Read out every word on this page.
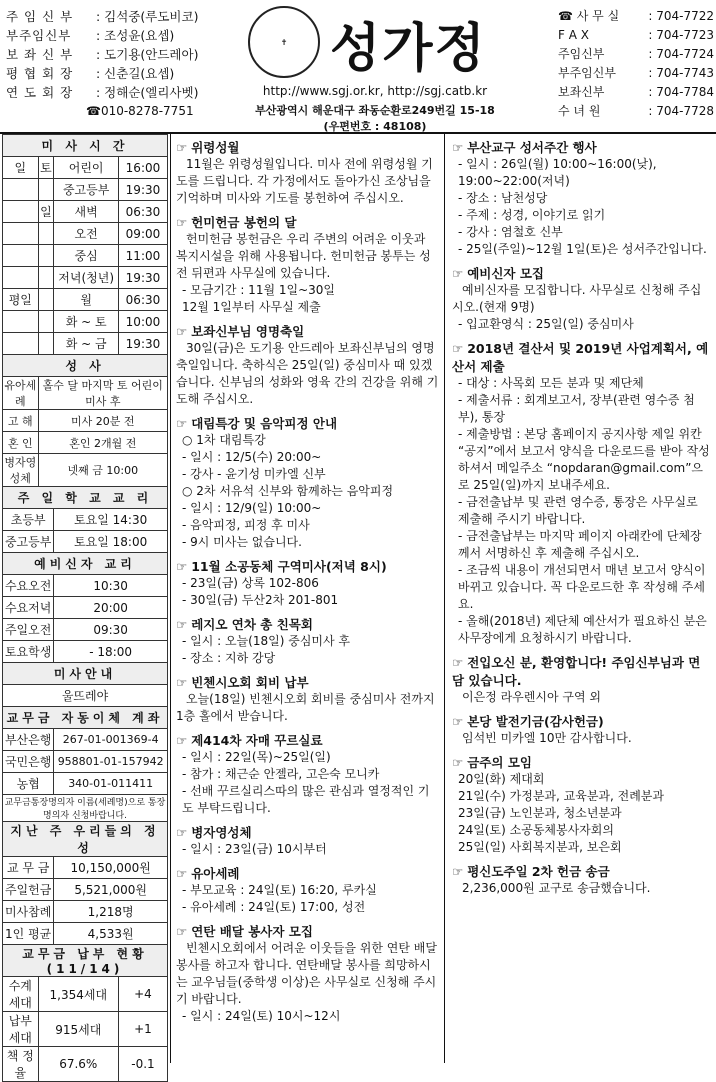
주 임 신 부	: 김석중(루도비코)
부주임신부	: 조성윤(요셉)
보 좌 신 부	: 도기용(안드레아)
평 협 회 장	: 신춘길(요셉)
연 도 회 장	: 정해순(엘리사벳)
☎010-8278-7751
✝ 성가정
http://www.sgj.or.kr, http://sgj.catb.kr
부산광역시 해운대구 좌동순환로249번길 15-18
(우편번호 : 48108)
☎ 사 무 실 : 704-7722
F A X	: 704-7723
주임신부	: 704-7724
부주임신부	: 704-7743
보좌신부	: 704-7784
수 녀 원	: 704-7728
미 사 시 간			
일	토	어린이	16:00
		중고등부	19:30
	일	새벽	06:30
		오전	09:00
		중심	11:00
		저녁(청년)	19:30
평일		월	06:30
		화 ~ 토	10:00
		화 ~ 금	19:30
성 사			
유아세례	홀수 달 마지막 토 어린이 미사 후		
고 해	미사 20분 전		
혼 인	혼인 2개월 전		
병자영성체	넷째 금 10:00		
주 일 학 교 교 리			
초등부		토요일 14:30	
중고등부		토요일 18:00	
예비신자 교리			
수요오전		10:30	
수요저녁		20:00	
주일오전		09:30	
토요학생		- 18:00	
미사안내			
울뜨레야			
교무금 자동이체 계좌			
부산은행		267-01-001369-4	
국민은행		958801-01-157942	
농협		340-01-011411	
교무금통장명의자 이름(세례명)으로 통장명의자 신청바랍니다.			
지난 주 우리들의 정성			
교 무 금		10,150,000원	
주일헌금		5,521,000원	
미사참례		1,218명	
1인 평균		4,533원	
교무금 납부 현황(11/14)			
수계세대	1,354세대		+4
납부세대	915세대		+1
책 정 율	67.6%		-0.1
☞ 위령성월
11월은 위령성월입니다. 미사 전에 위령성월 기도를 드립니다. 각 가정에서도 돌아가신 조상님을 기억하며 미사와 기도를 봉헌하여 주십시오.
☞ 헌미헌금 봉헌의 달
헌미헌금 봉헌금은 우리 주변의 어려운 이웃과 복지시설을 위해 사용됩니다. 헌미헌금 봉투는 성전 뒤편과 사무실에 있습니다.
- 모금기간 : 11월 1일~30일
12월 1일부터 사무실 제출
☞ 보좌신부님 영명축일
30일(금)은 도기용 안드레아 보좌신부님의 영명축일입니다. 축하식은 25일(일) 중심미사 때 있겠습니다. 신부님의 성화와 영육 간의 건강을 위해 기도해 주십시오.
☞ 대림특강 및 음악피정 안내
○ 1차 대림특강
- 일시 : 12/5(수) 20:00~
- 강사 - 윤기성 미카엘 신부
○ 2차 서유석 신부와 함께하는 음악피정
- 일시 : 12/9(일) 10:00~
- 음악피정, 피정 후 미사
- 9시 미사는 없습니다.
☞ 11월 소공동체 구역미사(저녁 8시)
- 23일(금) 상록 102-806
- 30일(금) 두산2차 201-801
☞ 레지오 연차 총 친목회
- 일시 : 오늘(18일) 중심미사 후
- 장소 : 지하 강당
☞ 빈첸시오회 회비 납부
오늘(18일) 빈첸시오회 회비를 중심미사 전까지 1층 홀에서 받습니다.
☞ 제414차 자매 꾸르실료
- 일시 : 22일(목)~25일(일)
- 참가 : 채근순 안젤라, 고은숙 모니카
- 선배 꾸르실리스따의 많은 관심과 열정적인 기도 부탁드립니다.
☞ 병자영성체
- 일시 : 23일(금) 10시부터
☞ 유아세례
- 부모교육 : 24일(토) 16:20, 루카실
- 유아세례 : 24일(토) 17:00, 성전
☞ 연탄 배달 봉사자 모집
빈첸시오회에서 어려운 이웃들을 위한 연탄 배달 봉사를 하고자 합니다. 연탄배달 봉사를 희망하시는 교우님들(중학생 이상)은 사무실로 신청해 주시기 바랍니다.
- 일시 : 24일(토) 10시~12시
☞ 부산교구 성서주간 행사
- 일시 : 26일(월) 10:00~16:00(낮),
19:00~22:00(저녁)
- 장소 : 남천성당
- 주제 : 성경, 이야기로 읽기
- 강사 : 염철호 신부
- 25일(주일)~12월 1일(토)은 성서주간입니다.
☞ 예비신자 모집
예비신자를 모집합니다. 사무실로 신청해 주십시오.(현재 9명)
- 입교환영식 : 25일(일) 중심미사
☞ 2018년 결산서 및 2019년 사업계획서, 예산서 제출
- 대상 : 사목회 모든 분과 및 제단체
- 제출서류 : 회계보고서, 장부(관련 영수증 첨부), 통장
- 제출방법 : 본당 홈페이지 공지사항 제일 위칸 “공지”에서 보고서 양식을 다운로드를 받아 작성하셔서 메일주소 “nopdaran@gmail.com”으로 25일(일)까지 보내주세요.
- 금전출납부 및 관련 영수증, 통장은 사무실로 제출해 주시기 바랍니다.
- 금전출납부는 마지막 페이지 아래칸에 단체장께서 서명하신 후 제출해 주십시오.
- 조금씩 내용이 개선되면서 매년 보고서 양식이 바뀌고 있습니다. 꼭 다운로드한 후 작성해 주세요.
- 올해(2018년) 제단체 예산서가 필요하신 분은 사무장에게 요청하시기 바랍니다.
☞ 전입오신 분, 환영합니다! 주임신부님과 면담 있습니다.
이은정 라우렌시아 구역 외
☞ 본당 발전기금(감사헌금)
임석빈 미카엘 10만 감사합니다.
☞ 금주의 모임
20일(화) 제대회
21일(수) 가정분과, 교육분과, 전례분과
23일(금) 노인분과, 청소년분과
24일(토) 소공동체봉사자회의
25일(일) 사회복지분과, 보은회
☞ 평신도주일 2차 헌금 송금
2,236,000원 교구로 송금했습니다.
